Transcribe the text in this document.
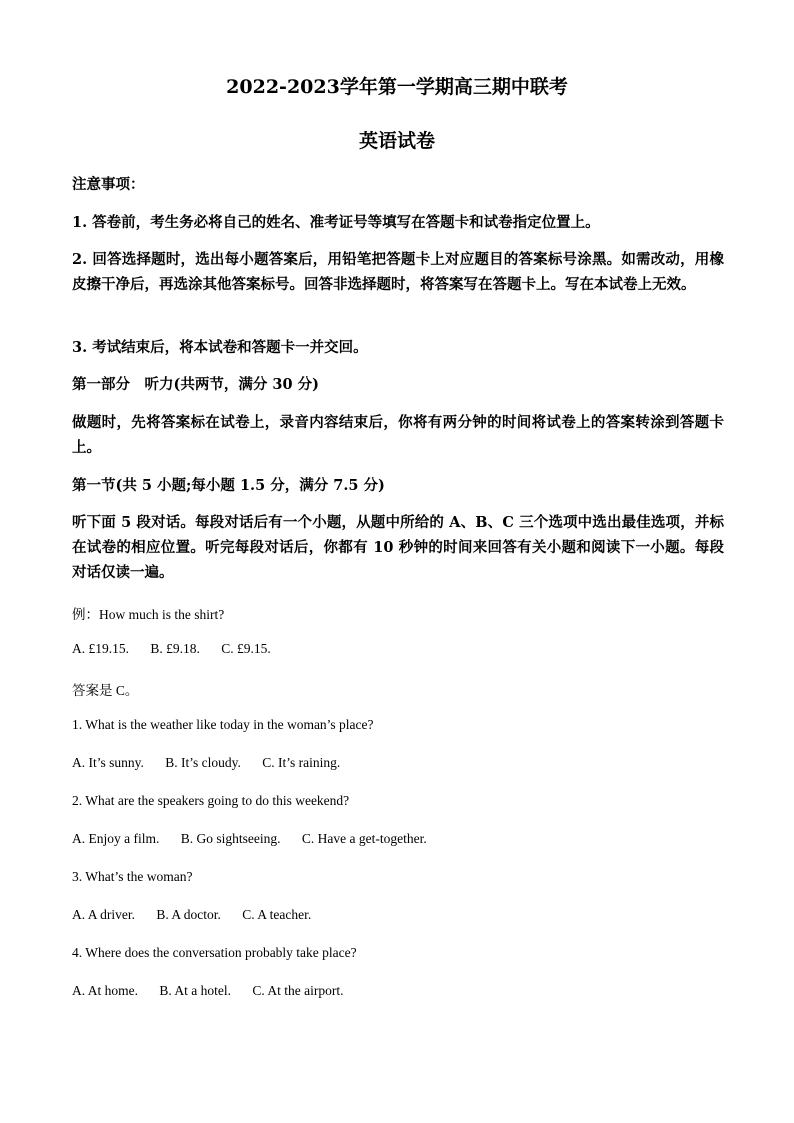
2022-2023学年第一学期高三期中联考
英语试卷
注意事项：
1. 答卷前，考生务必将自己的姓名、准考证号等填写在答题卡和试卷指定位置上。
2. 回答选择题时，选出每小题答案后，用铅笔把答题卡上对应题目的答案标号涂黑。如需改动，用橡皮擦干净后，再选涂其他答案标号。回答非选择题时，将答案写在答题卡上。写在本试卷上无效。
3. 考试结束后，将本试卷和答题卡一并交回。
第一部分　听力(共两节，满分 30 分)
做题时，先将答案标在试卷上，录音内容结束后，你将有两分钟的时间将试卷上的答案转涂到答题卡上。
第一节(共 5 小题;每小题 1.5 分，满分 7.5 分)
听下面 5 段对话。每段对话后有一个小题，从题中所给的 A、B、C 三个选项中选出最佳选项，并标在试卷的相应位置。听完每段对话后，你都有 10 秒钟的时间来回答有关小题和阅读下一小题。每段对话仅读一遍。
例：How much is the shirt?
A. £19.15. B. £9.18. C. £9.15.
答案是 C。
1. What is the weather like today in the woman’s place?
A. It’s sunny. B. It’s cloudy. C. It’s raining.
2. What are the speakers going to do this weekend?
A. Enjoy a film. B. Go sightseeing. C. Have a get-together.
3. What’s the woman?
A. A driver. B. A doctor. C. A teacher.
4. Where does the conversation probably take place?
A. At home. B. At a hotel. C. At the airport.
